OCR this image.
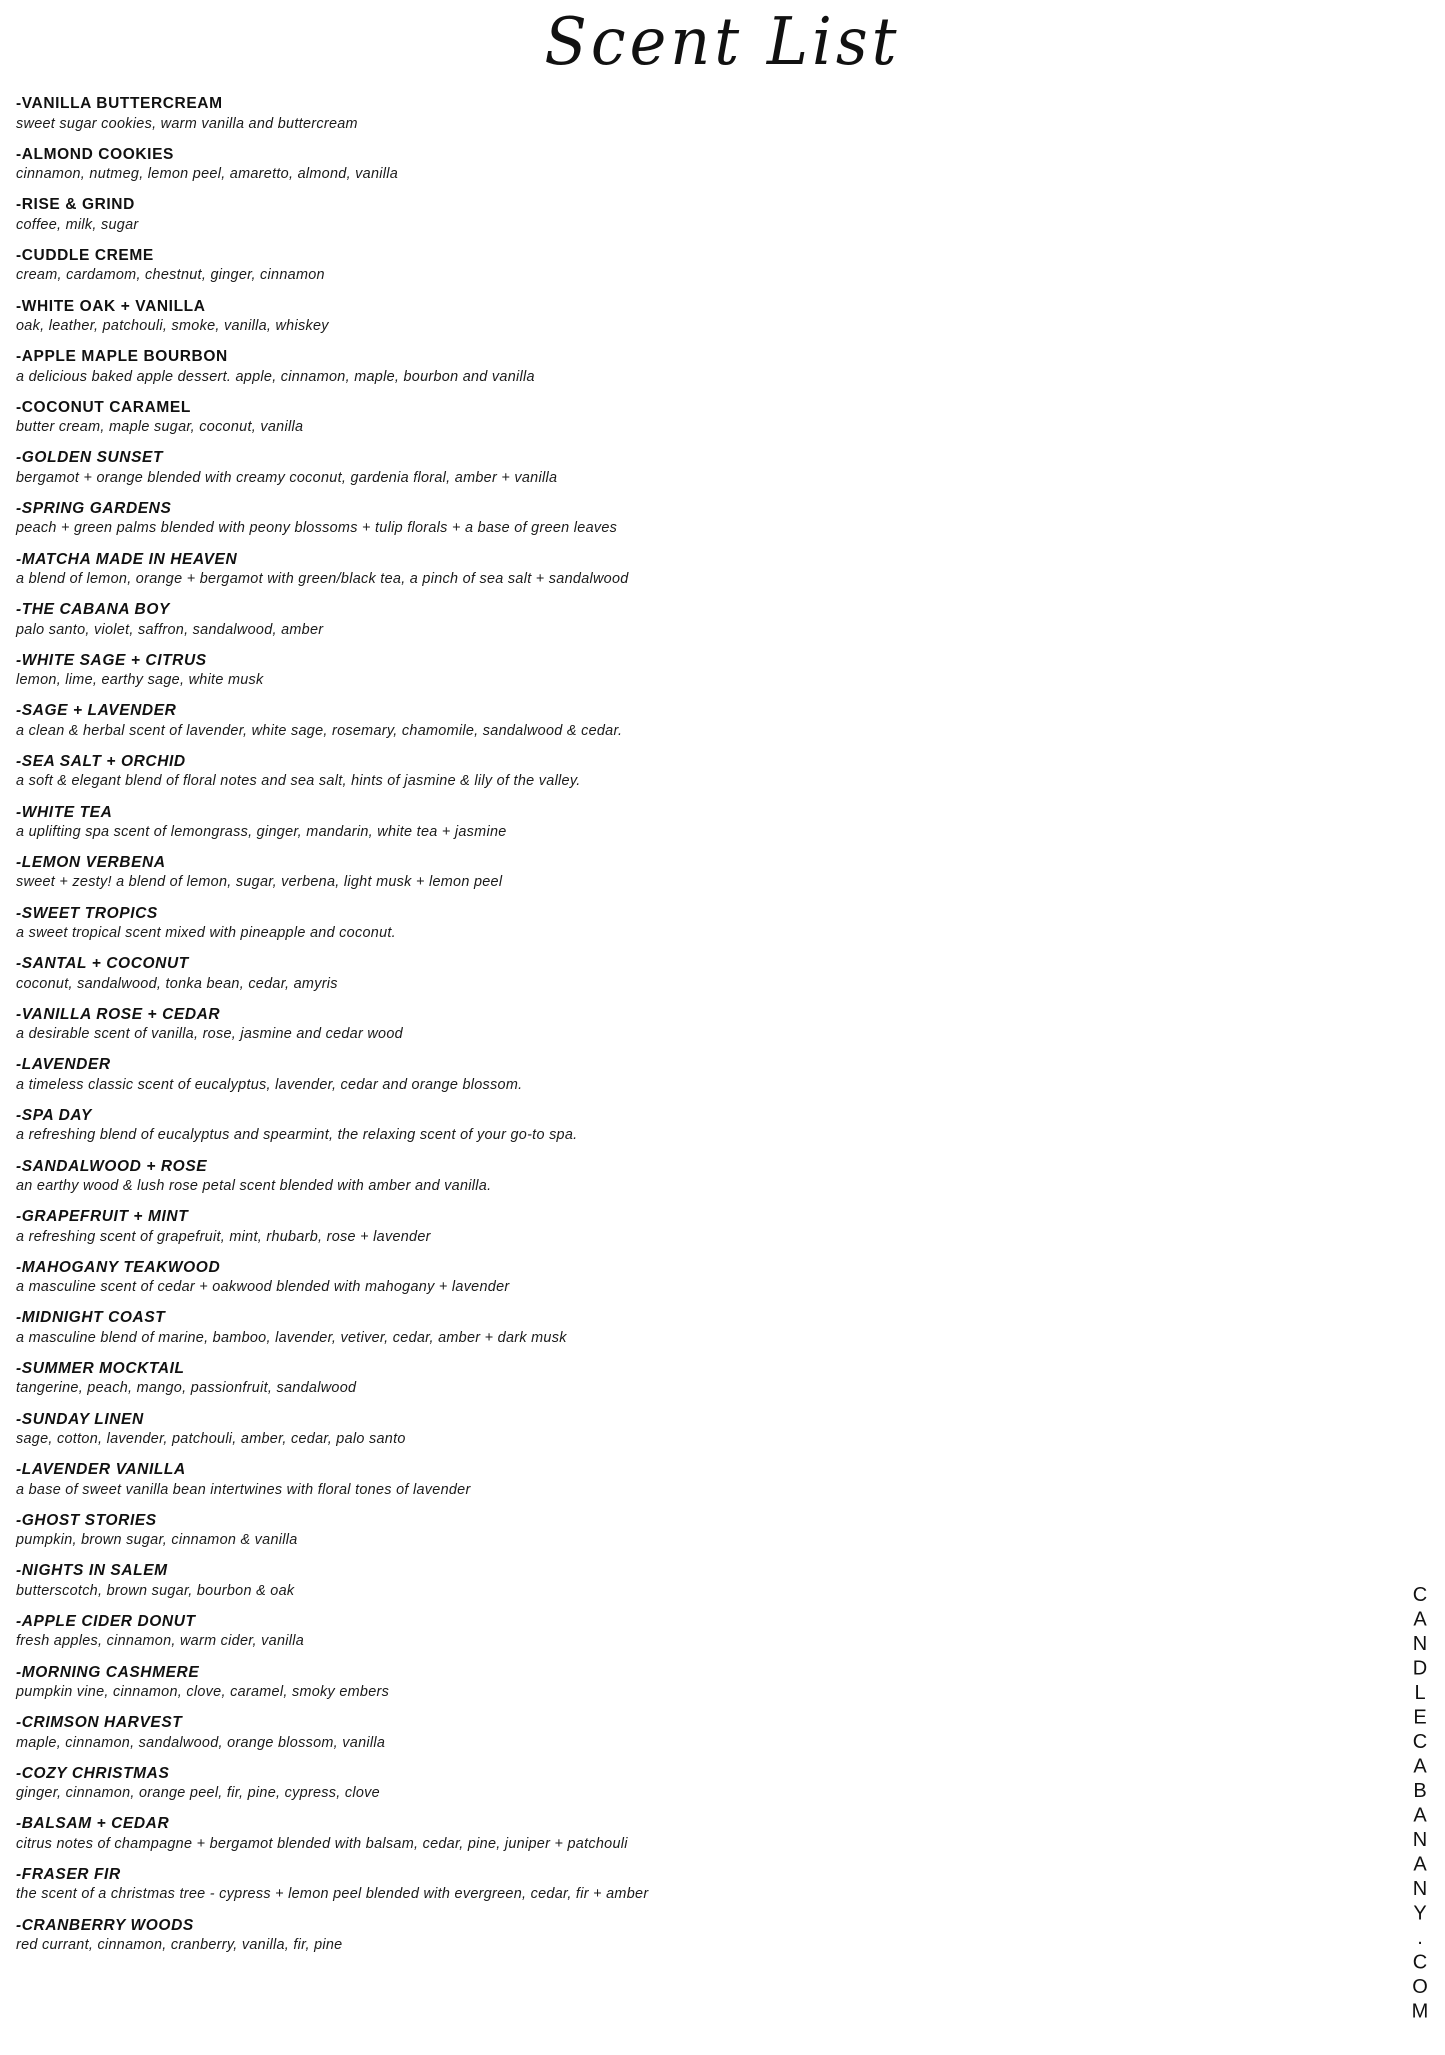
Scent List

-VANILLA BUTTERCREAM

sweet sugar cookies, warm vanilla and buttercream

-ALMOND COOKIES

cinnamon, nutmeg, lemon peel, amaretto, almond, vanilla

-RISE & GRIND

coffee, milk, sugar

-CUDDLE CREME

cream, cardamom, chestnut, ginger, cinnamon

-WHITE OAK + VANILLA

oak, leather, patchouli, smoke, vanilla, whiskey

-APPLE MAPLE BOURBON

a delicious baked apple dessert. apple, cinnamon, maple, bourbon and vanilla

-COCONUT CARAMEL

butter cream, maple sugar, coconut, vanilla

-GOLDEN SUNSET

bergamot + orange blended with creamy coconut, gardenia floral, amber + vanilla

-SPRING GARDENS

peach + green palms blended with peony blossoms + tulip florals + a base of green leaves

-MATCHA MADE IN HEAVEN

a blend of lemon, orange + bergamot with green/black tea, a pinch of sea salt + sandalwood

-THE CABANA BOY

palo santo, violet, saffron, sandalwood, amber

-WHITE SAGE + CITRUS

lemon, lime, earthy sage, white musk

-SAGE + LAVENDER

a clean & herbal scent of lavender, white sage, rosemary, chamomile, sandalwood & cedar.

-SEA SALT + ORCHID

a soft & elegant blend of floral notes and sea salt, hints of jasmine & lily of the valley.

-WHITE TEA

a uplifting spa scent of lemongrass, ginger, mandarin, white tea + jasmine

-LEMON VERBENA

sweet + zesty! a blend of lemon, sugar, verbena, light musk + lemon peel

-SWEET TROPICS

a sweet tropical scent mixed with pineapple and coconut.

-SANTAL + COCONUT

coconut, sandalwood, tonka bean, cedar, amyris

-VANILLA ROSE + CEDAR

a desirable scent of vanilla, rose, jasmine and cedar wood

-LAVENDER

a timeless classic scent of eucalyptus, lavender, cedar and orange blossom.

-SPA DAY

a refreshing blend of eucalyptus and spearmint, the relaxing scent of your go-to spa.

-SANDALWOOD + ROSE

an earthy wood & lush rose petal scent blended with amber and vanilla.

-GRAPEFRUIT + MINT

a refreshing scent of grapefruit, mint, rhubarb, rose + lavender

-MAHOGANY TEAKWOOD

a masculine scent of cedar + oakwood blended with mahogany + lavender

-MIDNIGHT COAST

a masculine blend of marine, bamboo, lavender, vetiver, cedar, amber + dark musk

-SUMMER MOCKTAIL

tangerine, peach, mango, passionfruit, sandalwood

-SUNDAY LINEN

sage, cotton, lavender, patchouli, amber, cedar, palo santo

-LAVENDER VANILLA

a base of sweet vanilla bean intertwines with floral tones of lavender

-GHOST STORIES

pumpkin, brown sugar, cinnamon & vanilla

-NIGHTS IN SALEM

butterscotch, brown sugar, bourbon & oak

-APPLE CIDER DONUT

fresh apples, cinnamon, warm cider, vanilla

-MORNING CASHMERE

pumpkin vine, cinnamon, clove, caramel, smoky embers

-CRIMSON HARVEST

maple, cinnamon, sandalwood, orange blossom, vanilla

-COZY CHRISTMAS

ginger, cinnamon, orange peel, fir, pine, cypress, clove

-BALSAM + CEDAR

citrus notes of champagne + bergamot blended with balsam, cedar, pine, juniper + patchouli

-FRASER FIR

the scent of a christmas tree - cypress + lemon peel blended with evergreen, cedar, fir + amber

-CRANBERRY WOODS

red currant, cinnamon, cranberry, vanilla, fir, pine	CANDLECABANANY.COM
